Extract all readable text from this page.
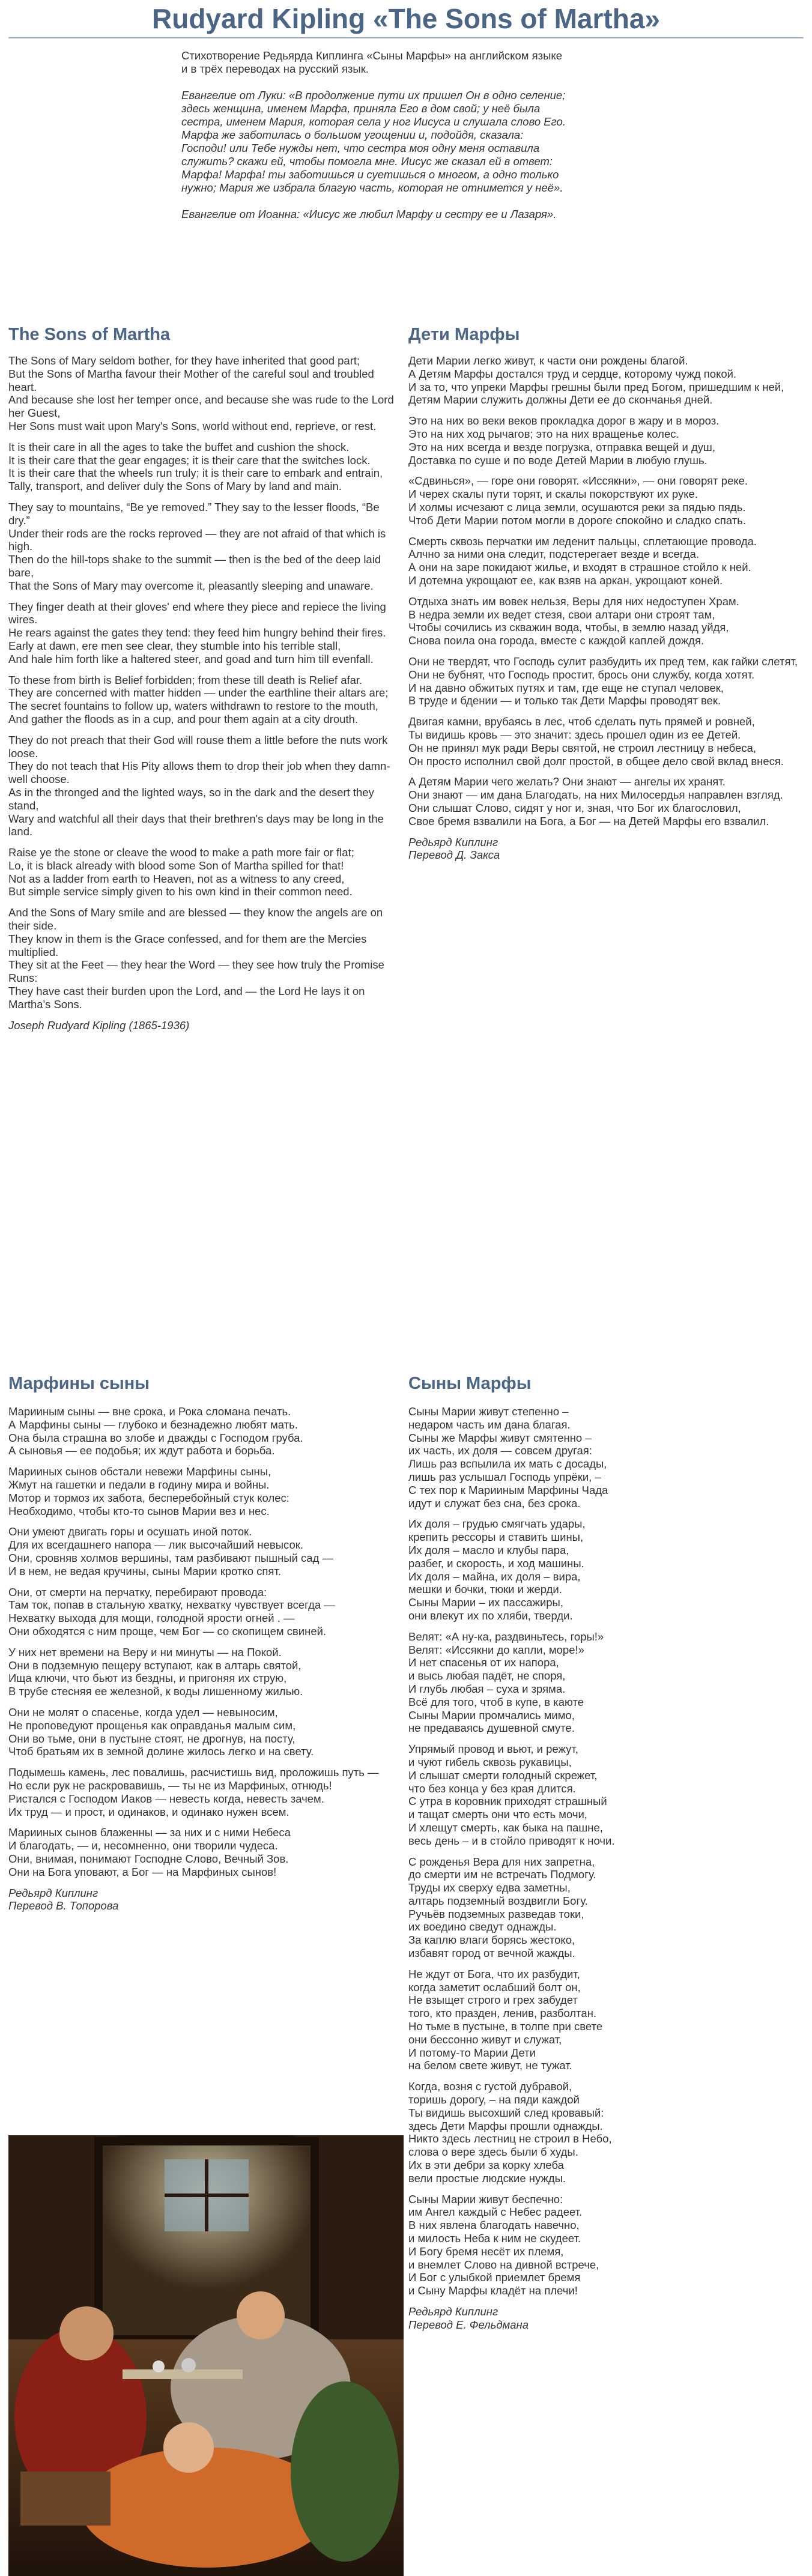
Rudyard Kipling «The Sons of Martha»

Стихотворение Редьярда Киплинга «Сыны Марфы» на английском языке и в трёх переводах на русский язык.

Евангелие от Луки: «В продолжение пути их пришел Он в одно селение; здесь женщина, именем Марфа, приняла Его в дом свой; у неё была сестра, именем Мария, которая села у ног Иисуса и слушала слово Его. Марфа же заботилась о большом угощении и, подойдя, сказала: Господи! или Тебе нужды нет, что сестра моя одну меня оставила служить? скажи ей, чтобы помогла мне. Иисус же сказал ей в ответ: Марфа! Марфа! ты заботишься и суетишься о многом, а одно только нужно; Мария же избрала благую часть, которая не отнимется у неё».

Евангелие от Иоанна: «Иисус же любил Марфу и сестру ее и Лазаря».

The Sons of Martha
The Sons of Mary seldom bother, for they have inherited that good part;
But the Sons of Martha favour their Mother of the careful soul and troubled heart.
And because she lost her temper once, and because she was rude to the Lord her Guest,
Her Sons must wait upon Mary's Sons, world without end, reprieve, or rest.
It is their care in all the ages to take the buffet and cushion the shock.
It is their care that the gear engages; it is their care that the switches lock.
It is their care that the wheels run truly; it is their care to embark and entrain,
Tally, transport, and deliver duly the Sons of Mary by land and main.
They say to mountains, “Be ye removed.” They say to the lesser floods, “Be dry.”
Under their rods are the rocks reproved — they are not afraid of that which is high.
Then do the hill-tops shake to the summit — then is the bed of the deep laid bare,
That the Sons of Mary may overcome it, pleasantly sleeping and unaware.
They finger death at their gloves' end where they piece and repiece the living wires.
He rears against the gates they tend: they feed him hungry behind their fires.
Early at dawn, ere men see clear, they stumble into his terrible stall,
And hale him forth like a haltered steer, and goad and turn him till evenfall.
To these from birth is Belief forbidden; from these till death is Relief afar.
They are concerned with matter hidden — under the earthline their altars are;
The secret fountains to follow up, waters withdrawn to restore to the mouth,
And gather the floods as in a cup, and pour them again at a city drouth.
They do not preach that their God will rouse them a little before the nuts work loose.
They do not teach that His Pity allows them to drop their job when they damn-well choose.
As in the thronged and the lighted ways, so in the dark and the desert they stand,
Wary and watchful all their days that their brethren's days may be long in the land.
Raise ye the stone or cleave the wood to make a path more fair or flat;
Lo, it is black already with blood some Son of Martha spilled for that!
Not as a ladder from earth to Heaven, not as a witness to any creed,
But simple service simply given to his own kind in their common need.
And the Sons of Mary smile and are blessed — they know the angels are on their side.
They know in them is the Grace confessed, and for them are the Mercies multiplied.
They sit at the Feet — they hear the Word — they see how truly the Promise Runs:
They have cast their burden upon the Lord, and — the Lord He lays it on Martha's Sons.
Joseph Rudyard Kipling (1865-1936)
Дети Марфы
Дети Марии легко живут, к части они рождены благой.
А Детям Марфы достался труд и сердце, которому чужд покой.
И за то, что упреки Марфы грешны были пред Богом, пришедшим к ней,
Детям Марии служить должны Дети ее до скончанья дней.
Это на них во веки веков прокладка дорог в жару и в мороз.
Это на них ход рычагов; это на них вращенье колес.
Это на них всегда и везде погрузка, отправка вещей и душ,
Доставка по суше и по воде Детей Марии в любую глушь.
«Сдвинься», — горе они говорят. «Иссякни», — они говорят реке.
И черех скалы пути торят, и скалы покорствуют их руке.
И холмы исчезают с лица земли, осушаются реки за пядью пядь.
Чтоб Дети Марии потом могли в дороге спокойно и сладко спать.
Смерть сквозь перчатки им леденит пальцы, сплетающие провода.
Алчно за ними она следит, подстерегает везде и всегда.
А они на заре покидают жилье, и входят в страшное стойло к ней.
И дотемна укрощают ее, как взяв на аркан, укрощают коней.
Отдыха знать им вовек нельзя, Веры для них недоступен Храм.
В недра земли их ведет стезя, свои алтари они строят там,
Чтобы сочились из скважин вода, чтобы, в землю назад уйдя,
Снова поила она города, вместе с каждой каплей дождя.
Они не твердят, что Господь сулит разбудить их пред тем, как гайки слетят,
Они не бубнят, что Господь простит, брось они службу, когда хотят.
И на давно обжитых путях и там, где еще не ступал человек,
В труде и бдении — и только так Дети Марфы проводят век.
Двигая камни, врубаясь в лес, чтоб сделать путь прямей и ровней,
Ты видишь кровь — это значит: здесь прошел один из ее Детей.
Он не принял мук ради Веры святой, не строил лестницу в небеса,
Он просто исполнил свой долг простой, в общее дело свой вклад внеся.
А Детям Марии чего желать? Они знают — ангелы их хранят.
Они знают — им дана Благодать, на них Милосердья направлен взгляд.
Они слышат Слово, сидят у ног и, зная, что Бог их благословил,
Свое бремя взвалили на Бога, а Бог — на Детей Марфы его взвалил.
Редьярд Киплинг
Перевод Д. Закса
Марфины сыны
Марииным сыны — вне срока, и Рока сломана печать.
А Марфины сыны — глубоко и безнадежно любят мать.
Она была страшна во злобе и дважды с Господом груба.
А сыновья — ее подобья; их ждут работа и борьба.
Марииных сынов обстали невежи Марфины сыны,
Жмут на гашетки и педали в годину мира и войны.
Мотор и тормоз их забота, бесперебойный стук колес:
Необходимо, чтобы кто-то сынов Марии вез и нес.
Они умеют двигать горы и осушать иной поток.
Для их всегдашнего напора — лик высочайший невысок.
Они, сровняв холмов вершины, там разбивают пышный сад —
И в нем, не ведая кручины, сыны Марии кротко спят.
Они, от смерти на перчатку, перебирают провода:
Там ток, попав в стальную хватку, нехватку чувствует всегда —
Нехватку выхода для мощи, голодной ярости огней . —
Они обходятся с ним проще, чем Бог — со скопищем свиней.
У них нет времени на Веру и ни минуты — на Покой.
Они в подземную пещеру вступают, как в алтарь святой,
Ища ключи, что бьют из бездны, и пригоняя их струю,
В трубе стесняя ее железной, к воды лишенному жилью.
Они не молят о спасенье, когда удел — невыносим,
Не проповедуют прощенья как оправданья малым сим,
Они во тьме, они в пустыне стоят, не дрогнув, на посту,
Чтоб братьям их в земной долине жилось легко и на свету.
Подымешь камень, лес повалишь, расчистишь вид, проложишь путь —
Но если рук не раскровавишь, — ты не из Марфиных, отнюдь!
Ристался с Господом Иаков — невесть когда, невесть зачем.
Их труд — и прост, и одинаков, и одинако нужен всем.
Марииных сынов блаженны — за них и с ними Небеса
И благодать, — и, несомненно, они творили чудеса.
Они, внимая, понимают Господне Слово, Вечный Зов.
Они на Бога уповают, а Бог — на Марфиных сынов!
Редьярд Киплинг
Перевод В. Топорова
Сыны Марфы
Сыны Марии живут степенно –
недаром часть им дана благая.
Сыны же Марфы живут смятенно –
их часть, их доля — совсем другая:
Лишь раз вспылила их мать с досады,
лишь раз услышал Господь упрёки, –
С тех пор к Марииным Марфины Чада
идут и служат без сна, без срока.
Их доля – грудью смягчать удары,
крепить рессоры и ставить шины,
Их доля – масло и клубы пара,
разбег, и скорость, и ход машины.
Их доля – майна, их доля – вира,
мешки и бочки, тюки и жерди.
Сыны Марии – их пассажиры,
они влекут их по хляби, тверди.
Велят: «А ну-ка, раздвиньтесь, горы!»
Велят: «Иссякни до капли, море!»
И нет спасенья от их напора,
и высь любая падёт, не споря,
И глубь любая – суха и зряма.
Всё для того, чтоб в купе, в каюте
Сыны Марии промчались мимо,
не предаваясь душевной смуте.
Упрямый провод и вьют, и режут,
и чуют гибель сквозь рукавицы,
И слышат смерти голодный скрежет,
что без конца у без края длится.
С утра в коровник приходят страшный
и тащат смерть они что есть мочи,
И хлещут смерть, как быка на пашне,
весь день – и в стойло приводят к ночи.
С рожденья Вера для них запретна,
до смерти им не встречать Подмогу.
Труды их сверху едва заметны,
алтарь подземный воздвигли Богу.
Ручьёв подземных разведав токи,
их воедино сведут однажды.
За каплю влаги борясь жестоко,
избавят город от вечной жажды.
Не ждут от Бога, что их разбудит,
когда заметит ослабший болт он,
Не взыщет строго и грех забудет
того, кто празден, ленив, разболтан.
Но тьме в пустыне, в толпе при свете
они бессонно живут и служат,
И потому-то Марии Дети
на белом свете живут, не тужат.
Когда, возня с густой дубравой,
торишь дорогу, – на пяди каждой
Ты видишь высохший след кровавый:
здесь Дети Марфы прошли однажды.
Никто здесь лестниц не строил в Небо,
слова о вере здесь были б худы.
Их в эти дебри за корку хлеба
вели простые людские нужды.
Сыны Марии живут беспечно:
им Ангел каждый с Небес радеет.
В них явлена благодать навечно,
и милость Неба к ним не скудеет.
И Богу бремя несёт их племя,
и внемлет Слово на дивной встрече,
И Бог с улыбкой приемлет бремя
и Сыну Марфы кладёт на плечи!
Редьярд Киплинг
Перевод Е. Фельдмана
